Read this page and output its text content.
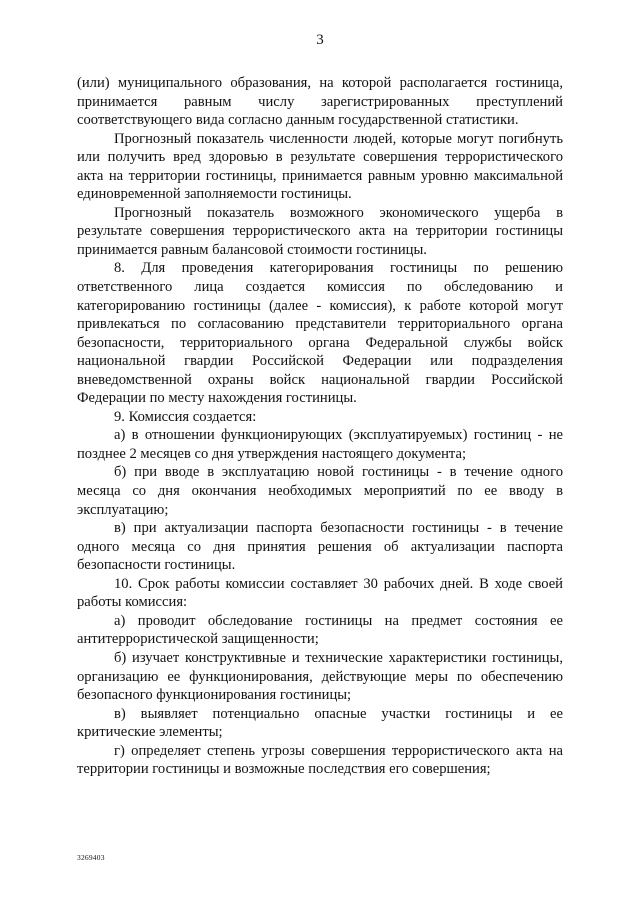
3

(или) муниципального образования, на которой располагается гостиница, принимается равным числу зарегистрированных преступлений соответствующего вида согласно данным государственной статистики.

Прогнозный показатель численности людей, которые могут погибнуть или получить вред здоровью в результате совершения террористического акта на территории гостиницы, принимается равным уровню максимальной единовременной заполняемости гостиницы.

Прогнозный показатель возможного экономического ущерба в результате совершения террористического акта на территории гостиницы принимается равным балансовой стоимости гостиницы.

8. Для проведения категорирования гостиницы по решению ответственного лица создается комиссия по обследованию и категорированию гостиницы (далее - комиссия), к работе которой могут привлекаться по согласованию представители территориального органа безопасности, территориального органа Федеральной службы войск национальной гвардии Российской Федерации или подразделения вневедомственной охраны войск национальной гвардии Российской Федерации по месту нахождения гостиницы.

9. Комиссия создается:

а) в отношении функционирующих (эксплуатируемых) гостиниц - не позднее 2 месяцев со дня утверждения настоящего документа;

б) при вводе в эксплуатацию новой гостиницы - в течение одного месяца со дня окончания необходимых мероприятий по ее вводу в эксплуатацию;

в) при актуализации паспорта безопасности гостиницы - в течение одного месяца со дня принятия решения об актуализации паспорта безопасности гостиницы.

10. Срок работы комиссии составляет 30 рабочих дней. В ходе своей работы комиссия:

а) проводит обследование гостиницы на предмет состояния ее антитеррористической защищенности;

б) изучает конструктивные и технические характеристики гостиницы, организацию ее функционирования, действующие меры по обеспечению безопасного функционирования гостиницы;

в) выявляет потенциально опасные участки гостиницы и ее критические элементы;

г) определяет степень угрозы совершения террористического акта на территории гостиницы и возможные последствия его совершения;

3269403
